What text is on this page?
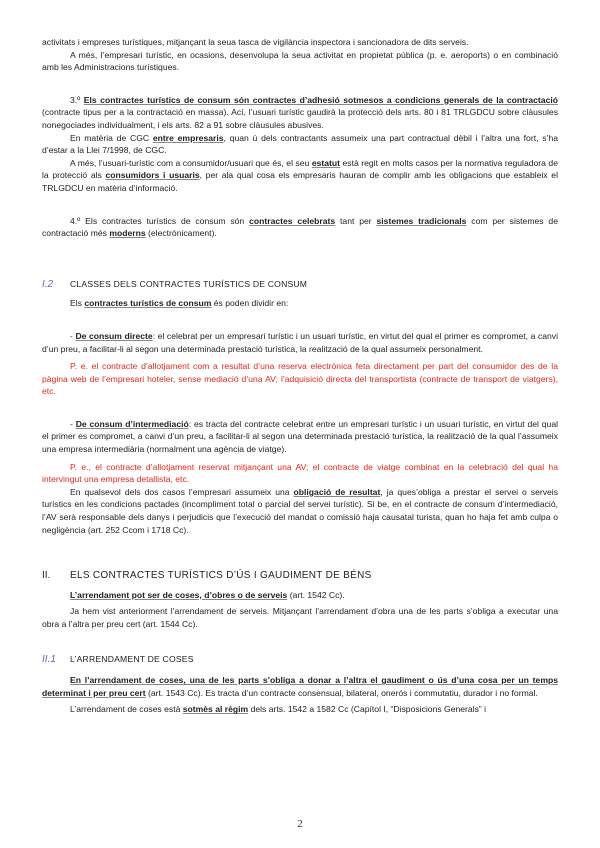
activitats i empreses turístiques, mitjançant la seua tasca de vigilància inspectora i sancionadora de dits serveis.

A més, l’empresari turístic, en ocasions, desenvolupa la seua activitat en propietat pública (p. e. aeroports) o en combinació amb les Administracions turístiques.

3.º Els contractes turístics de consum són contractes d’adhesió sotmesos a condicions generals de la contractació (contracte tipus per a la contractació en massa). Ací, l’usuari turístic gaudirà la protecció dels arts. 80 i 81 TRLGDCU sobre clàusules nonegociades individualment, i els arts. 82 a 91 sobre clàusules abusives.

En matèria de CGC entre empresaris, quan ú dels contractants assumeix una part contractual dèbil i l’altra una fort, s’ha d’estar a la Llei 7/1998, de CGC.

A més, l’usuari-turístic com a consumidor/usuari que és, el seu estatut està regit en molts casos per la normativa reguladora de la protecció als consumidors i usuaris, per ala qual cosa els empresaris hauran de complir amb les obligacions que estableix el TRLGDCU en matèria d’informació.

4.º Els contractes turístics de consum són contractes celebrats tant per sistemes tradicionals com per sistemes de contractació més moderns (electrònicament).

I.2	CLASSES DELS CONTRACTES TURÍSTICS DE CONSUM

Els contractes turístics de consum és poden dividir en:

- De consum directe: el celebrat per un empresari turístic i un usuari turístic, en virtut del qual el primer es compromet, a canvi d’un preu, a facilitar-li al segon una determinada prestació turística, la realització de la qual assumeix personalment.

P. e. el contracte d’allotjament com a resultat d’una reserva electrònica feta directament per part del consumidor des de la pàgina web de l’empresari hoteler, sense mediació d’una AV; l’adquisició directa del transportista (contracte de transport de viatgers), etc.

- De consum d’intermediació: es tracta del contracte celebrat entre un empresari turístic i un usuari turístic, en virtut del qual el primer es compromet, a canvi d’un preu, a facilitar-li al segon una determinada prestació turística, la realització de la qual l’assumeix una empresa intermediària (normalment una agència de viatge).

P. e., el contracte d’allotjament reservat mitjançant una AV; el contracte de viatge combinat en la celebració del qual ha intervingut una empresa detallista, etc.

En qualsevol dels dos casos l’empresari assumeix una obligació de resultat, ja ques’obliga a prestar el servei o serveis turístics en les condicions pactades (incompliment total o parcial del servei turístic). Si be, en el contracte de consum d’intermediació, l’AV serà responsable dels danys i perjudicis que l’execució del mandat o comissió haja causatal turista, quan ho haja fet amb culpa o negligència (art. 252 Ccom i 1718 Cc).

II.	ELS CONTRACTES TURÍSTICS D’ÚS I GAUDIMENT DE BÉNS

L’arrendament pot ser de coses, d’obres o de serveis (art. 1542 Cc).

Ja hem vist anteriorment l’arrendament de serveis. Mitjançant l’arrendament d’obra una de les parts s’obliga a executar una obra a l’altra per preu cert (art. 1544 Cc).

II.1	L’ARRENDAMENT DE COSES

En l’arrendament de coses, una de les parts s’obliga a donar a l’altra el gaudiment o ús d’una cosa per un temps determinat i per preu cert (art. 1543 Cc). Es tracta d’un contracte consensual, bilateral, onerós i commutatiu, durador i no formal.

L’arrendament de coses està sotmès al règim dels arts. 1542 a 1582 Cc (Capítol I, “Disposicions Generals” i

2
